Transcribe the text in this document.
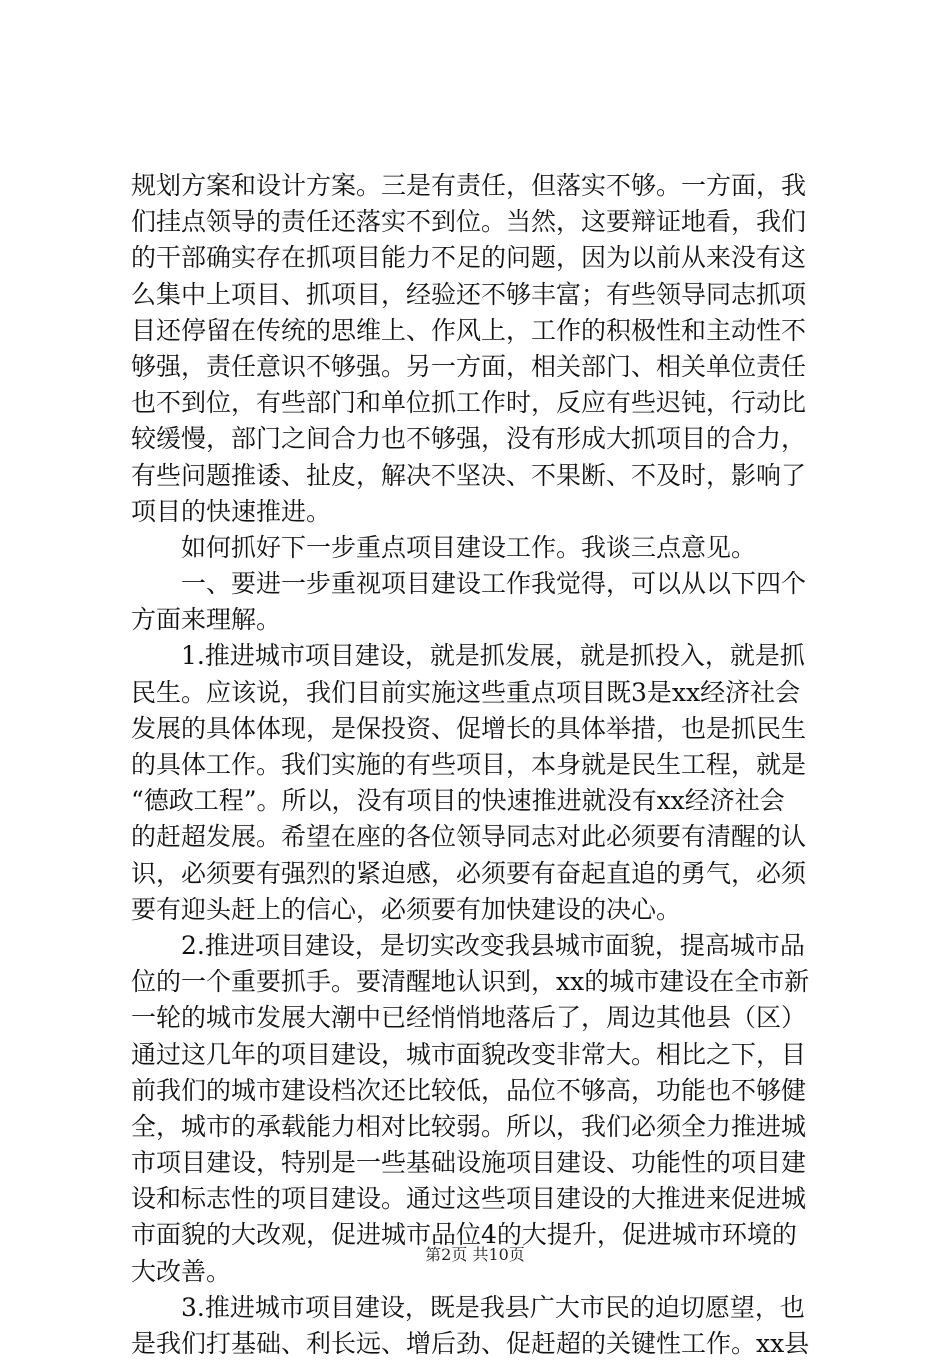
规划方案和设计方案。三是有责任，但落实不够。一方面，我
们挂点领导的责任还落实不到位。当然，这要辩证地看，我们
的干部确实存在抓项目能力不足的问题，因为以前从来没有这
么集中上项目、抓项目，经验还不够丰富；有些领导同志抓项
目还停留在传统的思维上、作风上，工作的积极性和主动性不
够强，责任意识不够强。另一方面，相关部门、相关单位责任
也不到位，有些部门和单位抓工作时，反应有些迟钝，行动比
较缓慢，部门之间合力也不够强，没有形成大抓项目的合力，
有些问题推诿、扯皮，解决不坚决、不果断、不及时，影响了
项目的快速推进。
如何抓好下一步重点项目建设工作。我谈三点意见。
一、要进一步重视项目建设工作我觉得，可以从以下四个
方面来理解。
1.推进城市项目建设，就是抓发展，就是抓投入，就是抓
民生。应该说，我们目前实施这些重点项目既3是xx经济社会
发展的具体体现，是保投资、促增长的具体举措，也是抓民生
的具体工作。我们实施的有些项目，本身就是民生工程，就是
“德政工程”。所以，没有项目的快速推进就没有xx经济社会
的赶超发展。希望在座的各位领导同志对此必须要有清醒的认
识，必须要有强烈的紧迫感，必须要有奋起直追的勇气，必须
要有迎头赶上的信心，必须要有加快建设的决心。
2.推进项目建设，是切实改变我县城市面貌，提高城市品
位的一个重要抓手。要清醒地认识到，xx的城市建设在全市新
一轮的城市发展大潮中已经悄悄地落后了，周边其他县（区）
通过这几年的项目建设，城市面貌改变非常大。相比之下，目
前我们的城市建设档次还比较低，品位不够高，功能也不够健
全，城市的承载能力相对比较弱。所以，我们必须全力推进城
市项目建设，特别是一些基础设施项目建设、功能性的项目建
设和标志性的项目建设。通过这些项目建设的大推进来促进城
市面貌的大改观，促进城市品位4的大提升，促进城市环境的
大改善。
3.推进城市项目建设，既是我县广大市民的迫切愿望，也
是我们打基础、利长远、增后劲、促赶超的关键性工作。xx县
第2页 共10页
